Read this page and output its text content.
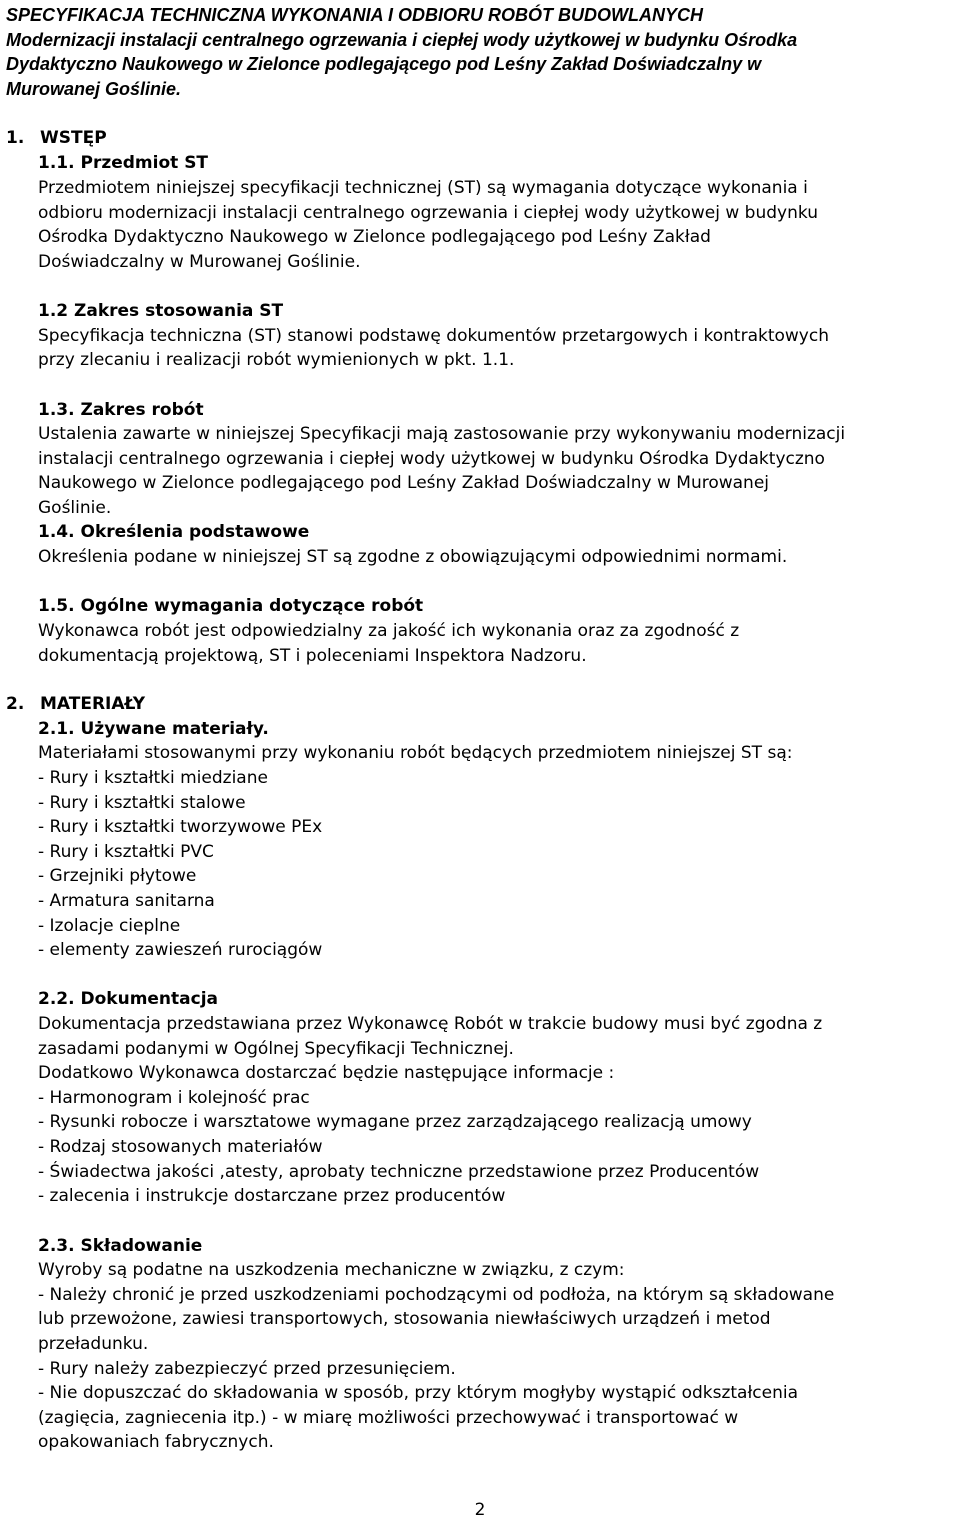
SPECYFIKACJA TECHNICZNA WYKONANIA I ODBIORU ROBÓT BUDOWLANYCH
Modernizacji instalacji centralnego ogrzewania i ciepłej wody użytkowej w budynku Ośrodka
Dydaktyczno Naukowego w Zielonce podlegającego pod Leśny Zakład Doświadczalny w
Murowanej Goślinie.
1. WSTĘP
1.1. Przedmiot ST
Przedmiotem niniejszej specyfikacji technicznej (ST) są wymagania dotyczące wykonania i
odbioru modernizacji instalacji centralnego ogrzewania i ciepłej wody użytkowej w budynku
Ośrodka Dydaktyczno Naukowego w Zielonce podlegającego pod Leśny Zakład
Doświadczalny w Murowanej Goślinie.
1.2 Zakres stosowania ST
Specyfikacja techniczna (ST) stanowi podstawę dokumentów przetargowych i kontraktowych
przy zlecaniu i realizacji robót wymienionych w pkt. 1.1.
1.3. Zakres robót
Ustalenia zawarte w niniejszej Specyfikacji mają zastosowanie przy wykonywaniu modernizacji
instalacji centralnego ogrzewania i ciepłej wody użytkowej w budynku Ośrodka Dydaktyczno
Naukowego w Zielonce podlegającego pod Leśny Zakład Doświadczalny w Murowanej
Goślinie.
1.4. Określenia podstawowe
Określenia podane w niniejszej ST są zgodne z obowiązującymi odpowiednimi normami.
1.5. Ogólne wymagania dotyczące robót
Wykonawca robót jest odpowiedzialny za jakość ich wykonania oraz za zgodność z
dokumentacją projektową, ST i poleceniami Inspektora Nadzoru.
2. MATERIAŁY
2.1. Używane materiały.
Materiałami stosowanymi przy wykonaniu robót będących przedmiotem niniejszej ST są:
- Rury i kształtki miedziane
- Rury i kształtki stalowe
- Rury i kształtki tworzywowe PEx
- Rury i kształtki PVC
- Grzejniki płytowe
- Armatura sanitarna
- Izolacje cieplne
- elementy zawieszeń rurociągów
2.2. Dokumentacja
Dokumentacja przedstawiana przez Wykonawcę Robót w trakcie budowy musi być zgodna z
zasadami podanymi w Ogólnej Specyfikacji Technicznej.
Dodatkowo Wykonawca dostarczać będzie następujące informacje :
- Harmonogram i kolejność prac
- Rysunki robocze i warsztatowe wymagane przez zarządzającego realizacją umowy
- Rodzaj stosowanych materiałów
- Świadectwa jakości ,atesty, aprobaty techniczne przedstawione przez Producentów
- zalecenia i instrukcje dostarczane przez producentów
2.3. Składowanie
Wyroby są podatne na uszkodzenia mechaniczne w związku, z czym:
- Należy chronić je przed uszkodzeniami pochodzącymi od podłoża, na którym są składowane
lub przewożone, zawiesi transportowych, stosowania niewłaściwych urządzeń i metod
przeładunku.
- Rury należy zabezpieczyć przed przesunięciem.
- Nie dopuszczać do składowania w sposób, przy którym mogłyby wystąpić odkształcenia
(zagięcia, zagniecenia itp.) - w miarę możliwości przechowywać i transportować w
opakowaniach fabrycznych.
2
